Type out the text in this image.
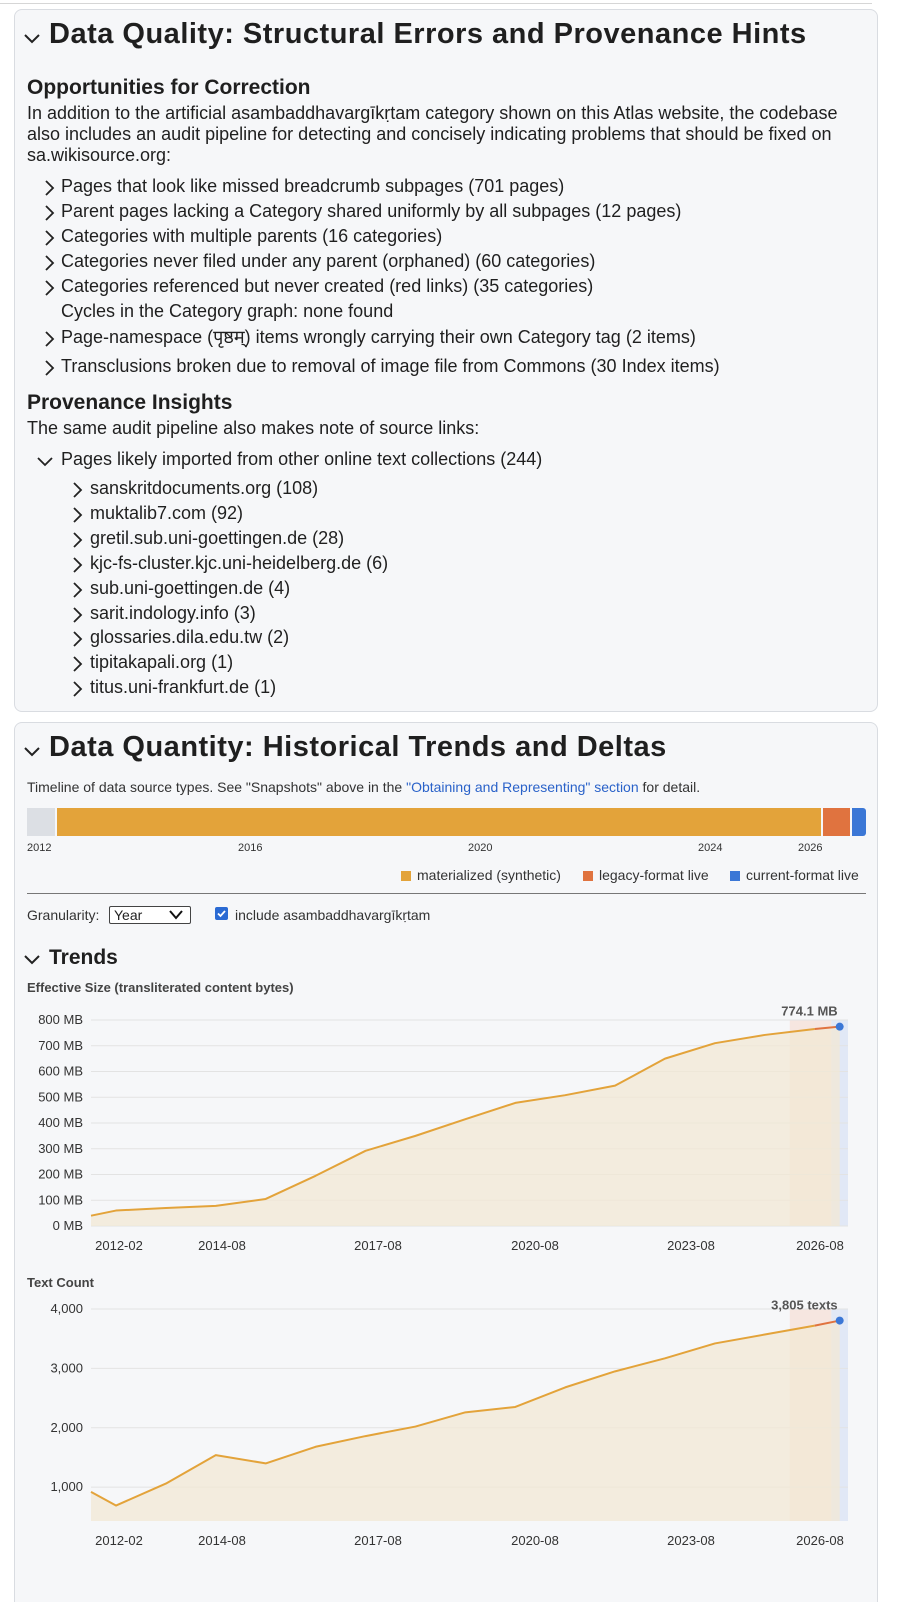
Data Quality: Structural Errors and Provenance Hints
Opportunities for Correction
In addition to the artificial asambaddhavargīkṛtam category shown on this Atlas website, the codebase
also includes an audit pipeline for detecting and concisely indicating problems that should be fixed on
sa.wikisource.org:
Pages that look like missed breadcrumb subpages (701 pages)
Parent pages lacking a Category shared uniformly by all subpages (12 pages)
Categories with multiple parents (16 categories)
Categories never filed under any parent (orphaned) (60 categories)
Categories referenced but never created (red links) (35 categories)
Cycles in the Category graph: none found
Page-namespace (पृष्ठम्) items wrongly carrying their own Category tag (2 items)
Transclusions broken due to removal of image file from Commons (30 Index items)
Provenance Insights
The same audit pipeline also makes note of source links:
Pages likely imported from other online text collections (244)
sanskritdocuments.org (108)
muktalib7.com (92)
gretil.sub.uni-goettingen.de (28)
kjc-fs-cluster.kjc.uni-heidelberg.de (6)
sub.uni-goettingen.de (4)
sarit.indology.info (3)
glossaries.dila.edu.tw (2)
tipitakapali.org (1)
titus.uni-frankfurt.de (1)
Data Quantity: Historical Trends and Deltas
Timeline of data source types. See "Snapshots" above in the "Obtaining and Representing" section for detail.
2012	2016	2020	2024	2026
materialized (synthetic)	legacy-format live	current-format live
Granularity:	Year	include asambaddhavargīkṛtam
Trends
Effective Size (transliterated content bytes)
0 MB
100 MB
200 MB
300 MB
400 MB
500 MB
600 MB
700 MB
800 MB
774.1 MB
2012-02	2014-08	2017-08	2020-08	2023-08	2026-08
Text Count
1,000
2,000
3,000
4,000	3,805 texts
2012-02	2014-08	2017-08	2020-08	2023-08	2026-08
